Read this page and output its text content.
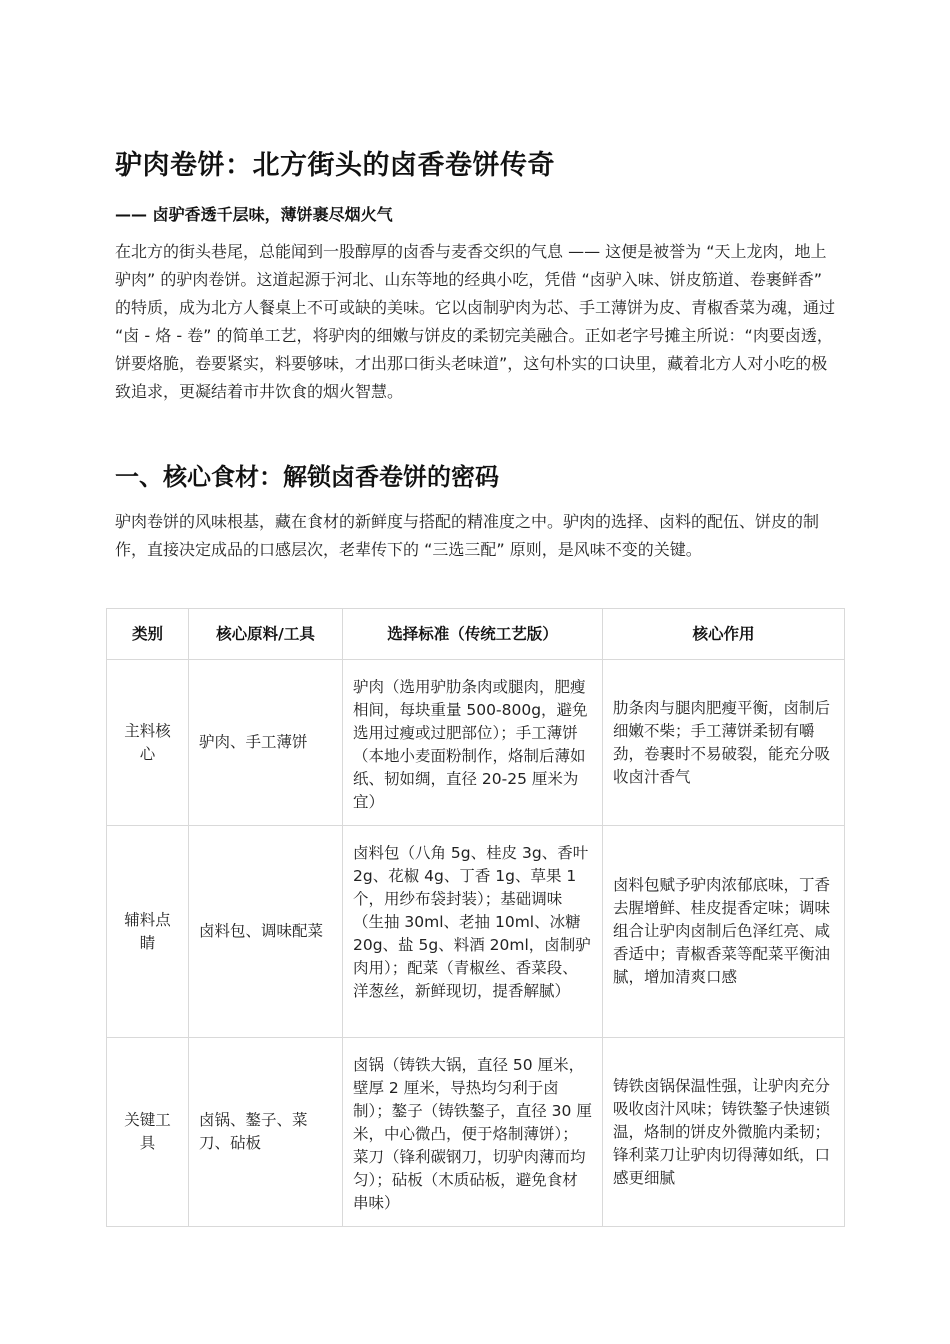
驴肉卷饼：北方街头的卤香卷饼传奇

—— 卤驴香透千层味，薄饼裹尽烟火气

在北方的街头巷尾，总能闻到一股醇厚的卤香与麦香交织的气息 —— 这便是被誉为 “天上龙肉，地上驴肉” 的驴肉卷饼。这道起源于河北、山东等地的经典小吃，凭借 “卤驴入味、饼皮筋道、卷裹鲜香” 的特质，成为北方人餐桌上不可或缺的美味。它以卤制驴肉为芯、手工薄饼为皮、青椒香菜为魂，通过 “卤 - 烙 - 卷” 的简单工艺，将驴肉的细嫩与饼皮的柔韧完美融合。正如老字号摊主所说：“肉要卤透，饼要烙脆，卷要紧实，料要够味，才出那口街头老味道”，这句朴实的口诀里，藏着北方人对小吃的极致追求，更凝结着市井饮食的烟火智慧。

一、核心食材：解锁卤香卷饼的密码

驴肉卷饼的风味根基，藏在食材的新鲜度与搭配的精准度之中。驴肉的选择、卤料的配伍、饼皮的制作，直接决定成品的口感层次，老辈传下的 “三选三配” 原则，是风味不变的关键。

类别	核心原料/工具	选择标准（传统工艺版）	核心作用
主料核心	驴肉、手工薄饼	驴肉（选用驴肋条肉或腿肉，肥瘦相间，每块重量 500-800g，避免选用过瘦或过肥部位）；手工薄饼（本地小麦面粉制作，烙制后薄如纸、韧如绸，直径 20-25 厘米为宜）	肋条肉与腿肉肥瘦平衡，卤制后细嫩不柴；手工薄饼柔韧有嚼劲，卷裹时不易破裂，能充分吸收卤汁香气
辅料点睛	卤料包、调味配菜	卤料包（八角 5g、桂皮 3g、香叶 2g、花椒 4g、丁香 1g、草果 1 个，用纱布袋封装）；基础调味（生抽 30ml、老抽 10ml、冰糖 20g、盐 5g、料酒 20ml，卤制驴肉用）；配菜（青椒丝、香菜段、洋葱丝，新鲜现切，提香解腻）	卤料包赋予驴肉浓郁底味，丁香去腥增鲜、桂皮提香定味；调味组合让驴肉卤制后色泽红亮、咸香适中；青椒香菜等配菜平衡油腻，增加清爽口感
关键工具	卤锅、鏊子、菜刀、砧板	卤锅（铸铁大锅，直径 50 厘米，壁厚 2 厘米，导热均匀利于卤制）；鏊子（铸铁鏊子，直径 30 厘米，中心微凸，便于烙制薄饼）；菜刀（锋利碳钢刀，切驴肉薄而均匀）；砧板（木质砧板，避免食材串味）	铸铁卤锅保温性强，让驴肉充分吸收卤汁风味；铸铁鏊子快速锁温，烙制的饼皮外微脆内柔韧；锋利菜刀让驴肉切得薄如纸，口感更细腻
